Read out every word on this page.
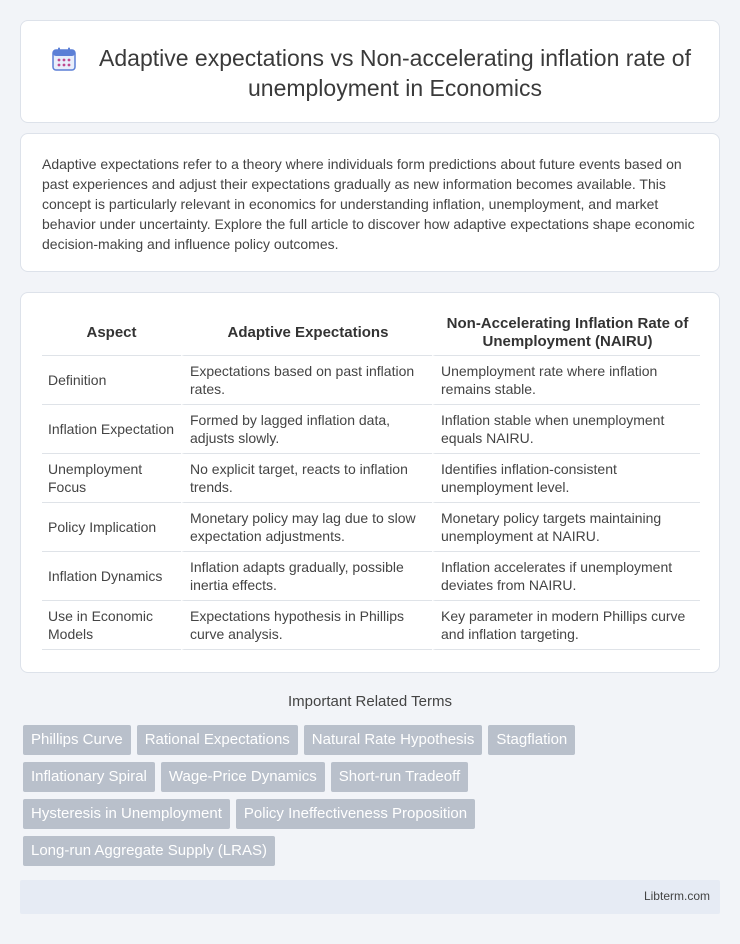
Adaptive expectations vs Non-accelerating inflation rate of unemployment in Economics

Adaptive expectations refer to a theory where individuals form predictions about future events based on past experiences and adjust their expectations gradually as new information becomes available. This concept is particularly relevant in economics for understanding inflation, unemployment, and market behavior under uncertainty. Explore the full article to discover how adaptive expectations shape economic decision-making and influence policy outcomes.

Aspect	Adaptive Expectations	Non-Accelerating Inflation Rate of Unemployment (NAIRU)
Definition	Expectations based on past inflation rates.	Unemployment rate where inflation remains stable.
Inflation Expectation	Formed by lagged inflation data, adjusts slowly.	Inflation stable when unemployment equals NAIRU.
Unemployment Focus	No explicit target, reacts to inflation trends.	Identifies inflation-consistent unemployment level.
Policy Implication	Monetary policy may lag due to slow expectation adjustments.	Monetary policy targets maintaining unemployment at NAIRU.
Inflation Dynamics	Inflation adapts gradually, possible inertia effects.	Inflation accelerates if unemployment deviates from NAIRU.
Use in Economic Models	Expectations hypothesis in Phillips curve analysis.	Key parameter in modern Phillips curve and inflation targeting.
Important Related Terms
Phillips Curve	Rational Expectations	Natural Rate Hypothesis	Stagflation
Inflationary Spiral	Wage-Price Dynamics	Short-run Tradeoff
Hysteresis in Unemployment	Policy Ineffectiveness Proposition
Long-run Aggregate Supply (LRAS)
Libterm.com
